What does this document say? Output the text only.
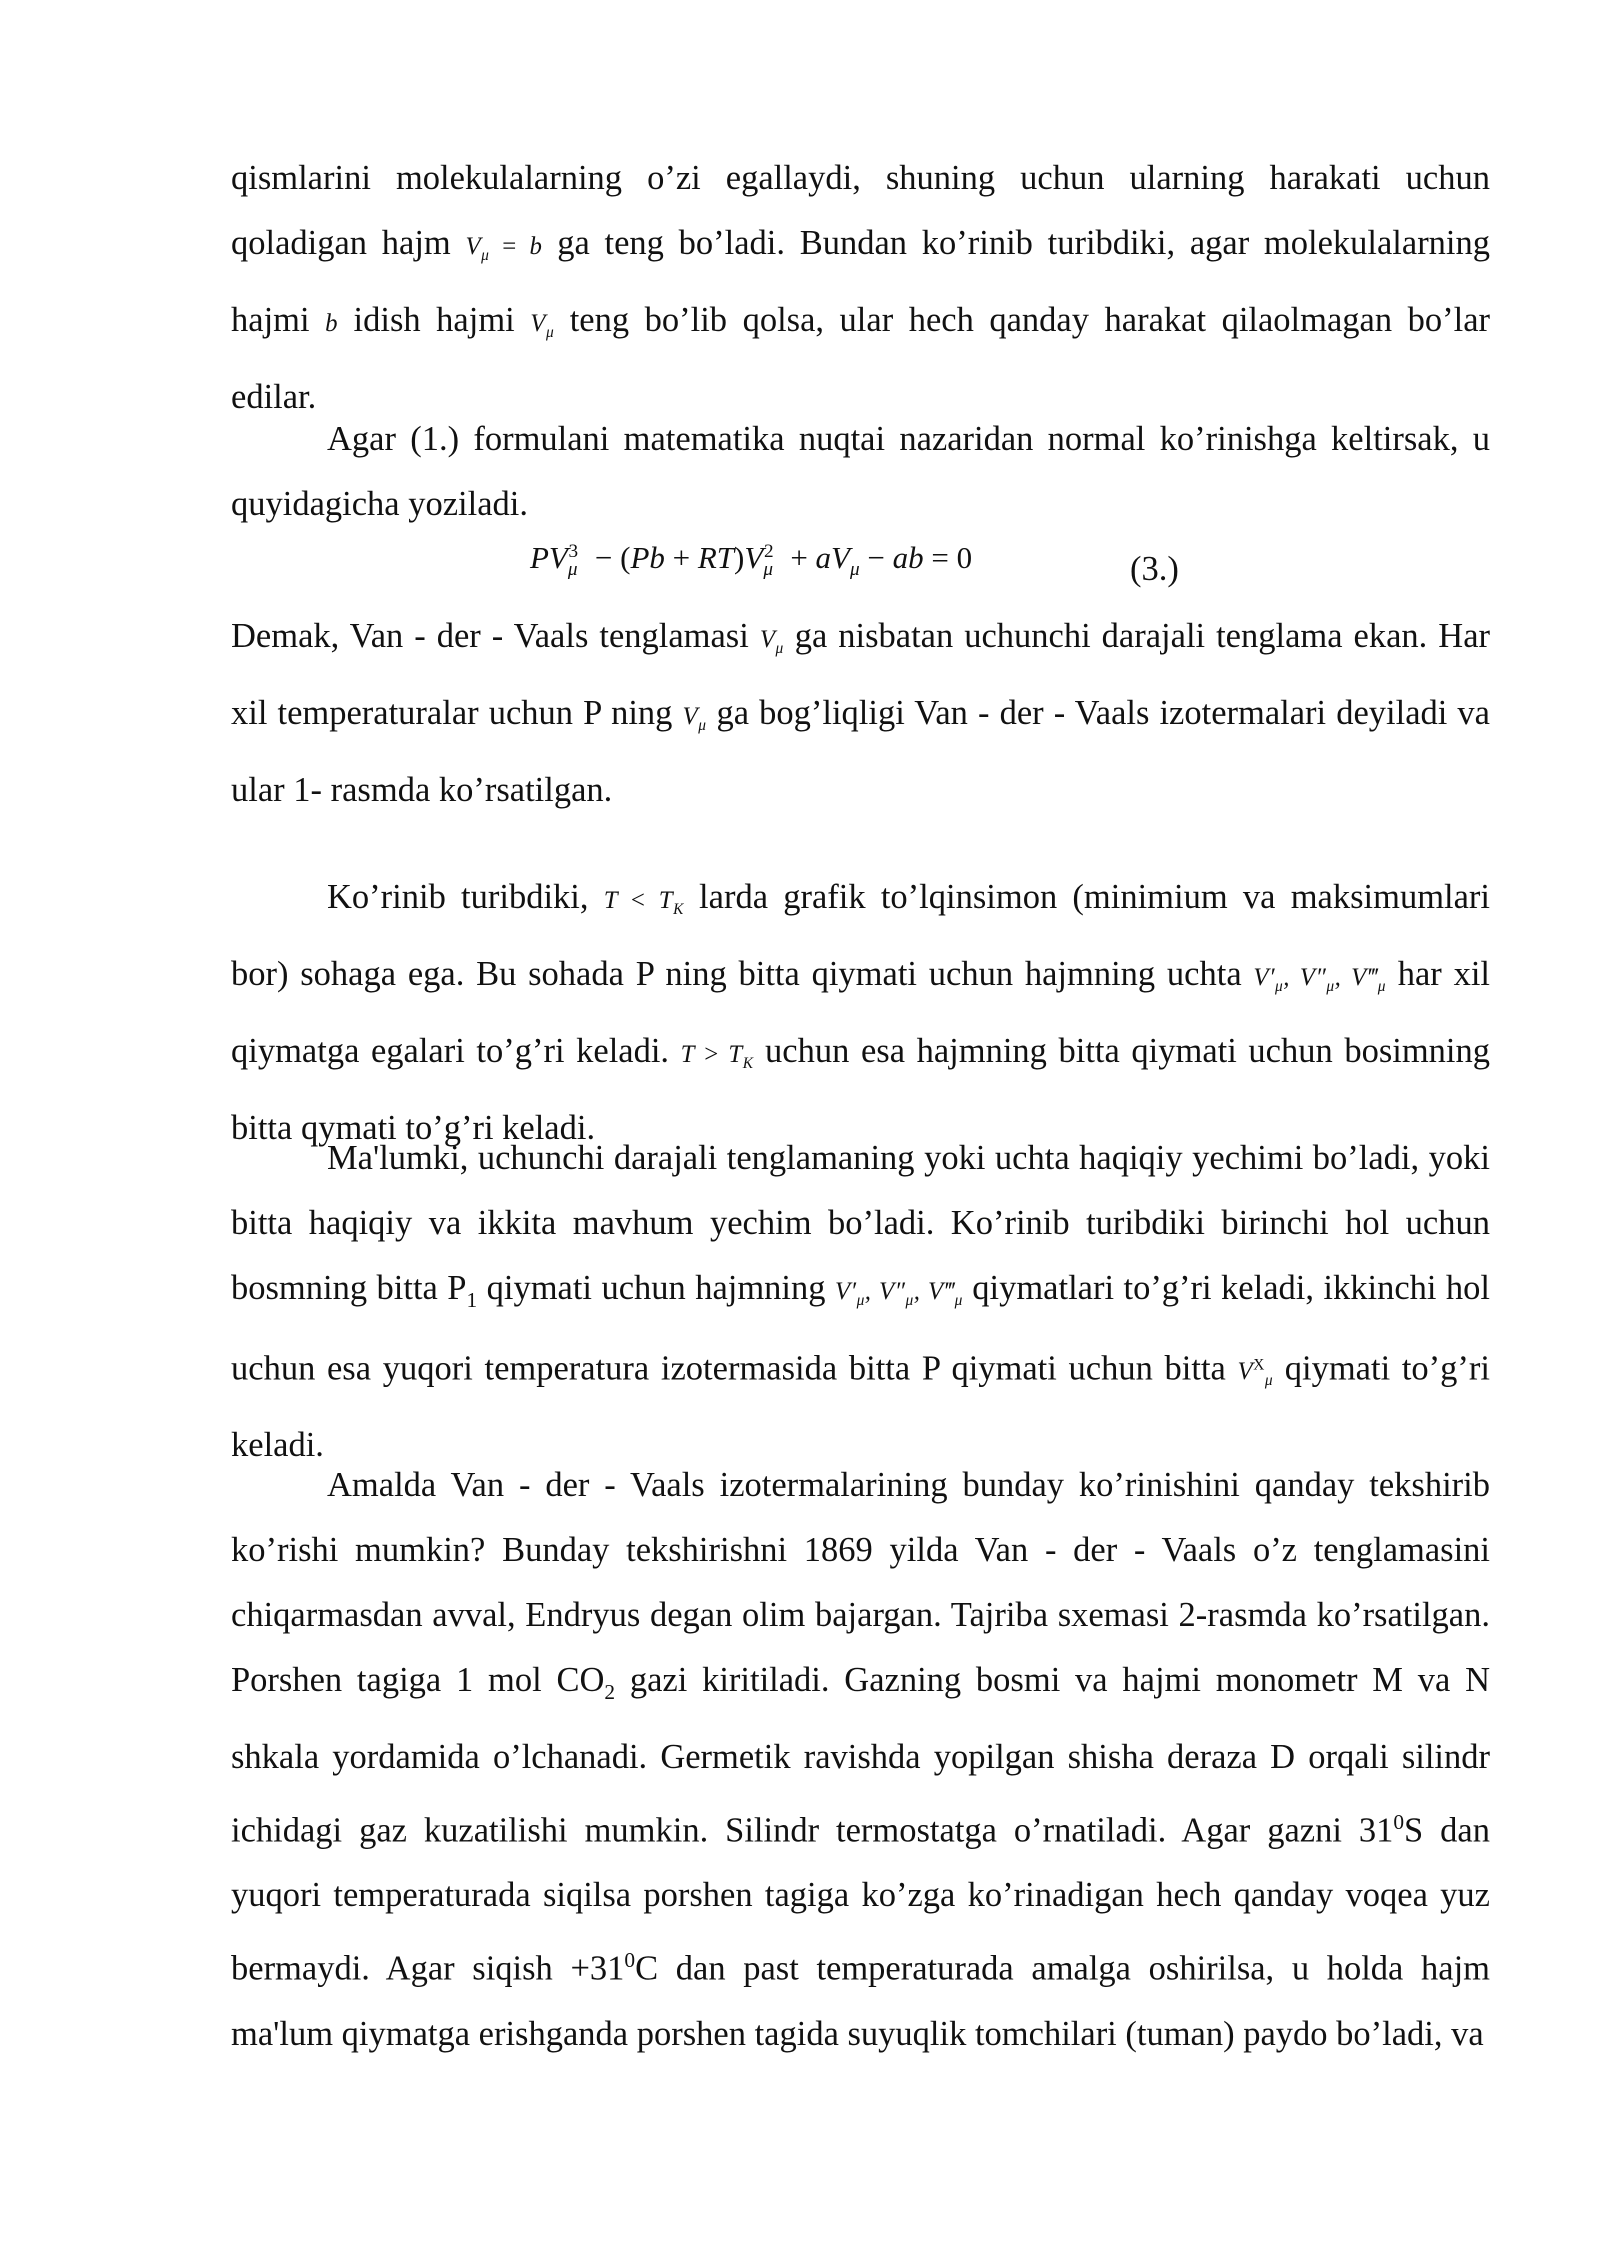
qismlarini molekulalarning o’zi egallaydi, shuning uchun ularning harakati uchun qoladigan hajm $V_\mu = b$ ga teng bo’ladi. Bundan ko’rinib turibdiki, agar molekulalarning hajmi b idish hajmi $V_\mu$ teng bo’lib qolsa, ular hech qanday harakat qilaolmagan bo’lar edilar.

Agar (1.) formulani matematika nuqtai nazaridan normal ko’rinishga keltirsak, u quyidagicha yoziladi.

$PV_\mu^3 - (Pb + RT)V_\mu^2 + aV_\mu$ − ab = 0	(3.)

Demak, Van - der - Vaals tenglamasi $V_\mu$ ga nisbatan uchunchi darajali tenglama ekan. Har xil temperaturalar uchun P ning $V_\mu$ ga bog’liqligi Van - der - Vaals izotermalari deyiladi va ular 1- rasmda ko’rsatilgan.

Ko’rinib turibdiki, $T < T_K$ larda grafik to’lqinsimon (minimium va maksimumlari bor) sohaga ega. Bu sohada P ning bitta qiymati uchun hajmning uchta $V'_\mu$, $V''_\mu$, $V‴_\mu$ har xil qiymatga egalari to’g’ri keladi. $T > T_K$ uchun esa hajmning bitta qiymati uchun bosimning bitta qymati to’g’ri keladi.

Ma'lumki, uchunchi darajali tenglamaning yoki uchta haqiqiy yechimi bo’ladi, yoki bitta haqiqiy va ikkita mavhum yechim bo’ladi. Ko’rinib turibdiki birinchi hol uchun bosmning bitta $P_1$ qiymati uchun hajmning $V'_\mu$, $V''_\mu$, $V‴_\mu$ qiymatlari to’g’ri keladi, ikkinchi hol uchun esa yuqori temperatura izotermasida bitta P qiymati uchun bitta $V^X_\mu$ qiymati to’g’ri keladi.

Amalda Van - der - Vaals izotermalarining bunday ko’rinishini qanday tekshirib ko’rishi mumkin? Bunday tekshirishni 1869 yilda Van - der - Vaals o’z tenglamasini chiqarmasdan avval, Endryus degan olim bajargan. Tajriba sxemasi 2-rasmda ko’rsatilgan. Porshen tagiga 1 mol $CO_2$ gazi kiritiladi. Gazning bosmi va hajmi monometr M va N shkala yordamida o’lchanadi. Germetik ravishda yopilgan shisha deraza D orqali silindr ichidagi gaz kuzatilishi mumkin. Silindr termostatga o’rnatiladi. Agar gazni $31^0S$ dan yuqori temperaturada siqilsa porshen tagiga ko’zga ko’rinadigan hech qanday voqea yuz bermaydi. Agar siqish $+31^0C$ dan past temperaturada amalga oshirilsa, u holda hajm ma'lum qiymatga erishganda porshen tagida suyuqlik tomchilari (tuman) paydo bo’ladi, va
